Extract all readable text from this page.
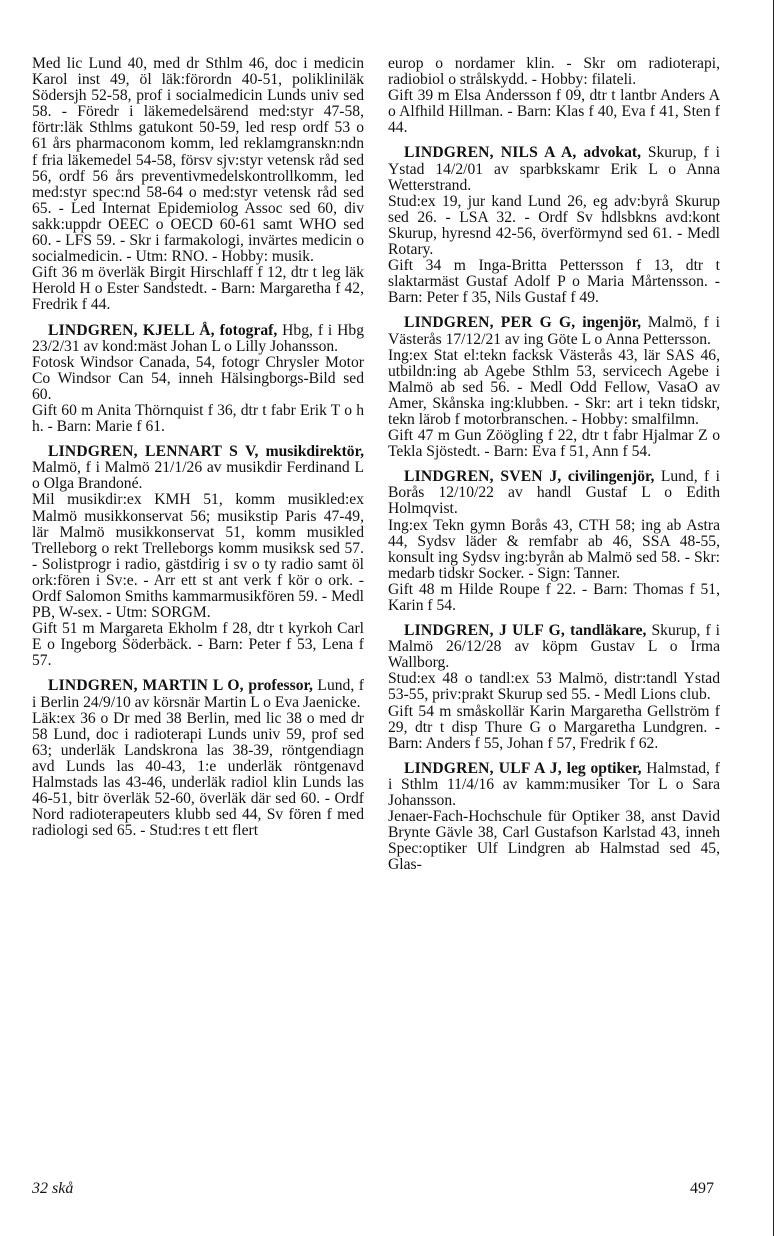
Med lic Lund 40, med dr Sthlm 46, doc i medicin Karol inst 49, öl läk:förordn 40-51, polikliniläk Södersjh 52-58, prof i socialmedicin Lunds univ sed 58. - Föredr i läkemedelsärend med:styr 47-58, förtr:läk Sthlms gatukont 50-59, led resp ordf 53 o 61 års pharmaconom komm, led reklamgranskn:ndn f fria läkemedel 54-58, försv sjv:styr vetensk råd sed 56, ordf 56 års preventivmedelskontrollkomm, led med:styr spec:nd 58-64 o med:styr vetensk råd sed 65. - Led Internat Epidemiolog Assoc sed 60, div sakk:uppdr OEEC o OECD 60-61 samt WHO sed 60. - LFS 59. - Skr i farmakologi, invärtes medicin o socialmedicin. - Utm: RNO. - Hobby: musik.

Gift 36 m överläk Birgit Hirschlaff f 12, dtr t leg läk Herold H o Ester Sandstedt. - Barn: Margaretha f 42, Fredrik f 44.

LINDGREN, KJELL Å, fotograf, Hbg, f i Hbg 23/2/31 av kond:mäst Johan L o Lilly Johansson.

Fotosk Windsor Canada, 54, fotogr Chrysler Motor Co Windsor Can 54, inneh Hälsingborgs-Bild sed 60.

Gift 60 m Anita Thörnquist f 36, dtr t fabr Erik T o h h. - Barn: Marie f 61.

LINDGREN, LENNART S V, musikdirektör, Malmö, f i Malmö 21/1/26 av musikdir Ferdinand L o Olga Brandoné.

Mil musikdir:ex KMH 51, komm musikled:ex Malmö musikkonservat 56; musikstip Paris 47-49, lär Malmö musikkonservat 51, komm musikled Trelleborg o rekt Trelleborgs komm musiksk sed 57. - Solistprogr i radio, gästdirig i sv o ty radio samt öl ork:fören i Sv:e. - Arr ett st ant verk f kör o ork. - Ordf Salomon Smiths kammarmusikfören 59. - Medl PB, W-sex. - Utm: SORGM.

Gift 51 m Margareta Ekholm f 28, dtr t kyrkoh Carl E o Ingeborg Söderbäck. - Barn: Peter f 53, Lena f 57.

LINDGREN, MARTIN L O, professor, Lund, f i Berlin 24/9/10 av körsnär Martin L o Eva Jaenicke.

Läk:ex 36 o Dr med 38 Berlin, med lic 38 o med dr 58 Lund, doc i radioterapi Lunds univ 59, prof sed 63; underläk Landskrona las 38-39, röntgendiagn avd Lunds las 40-43, 1:e underläk röntgenavd Halmstads las 43-46, underläk radiol klin Lunds las 46-51, bitr överläk 52-60, överläk där sed 60. - Ordf Nord radioterapeuters klubb sed 44, Sv fören f med radiologi sed 65. - Stud:res t ett flert

europ o nordamer klin. - Skr om radioterapi, radiobiol o strålskydd. - Hobby: filateli.

Gift 39 m Elsa Andersson f 09, dtr t lantbr Anders A o Alfhild Hillman. - Barn: Klas f 40, Eva f 41, Sten f 44.

LINDGREN, NILS A A, advokat, Skurup, f i Ystad 14/2/01 av sparbkskamr Erik L o Anna Wetterstrand.

Stud:ex 19, jur kand Lund 26, eg adv:byrå Skurup sed 26. - LSA 32. - Ordf Sv hdlsbkns avd:kont Skurup, hyresnd 42-56, överförmynd sed 61. - Medl Rotary.

Gift 34 m Inga-Britta Pettersson f 13, dtr t slaktarmäst Gustaf Adolf P o Maria Mårtensson. - Barn: Peter f 35, Nils Gustaf f 49.

LINDGREN, PER G G, ingenjör, Malmö, f i Västerås 17/12/21 av ing Göte L o Anna Pettersson.

Ing:ex Stat el:tekn facksk Västerås 43, lär SAS 46, utbildn:ing ab Agebe Sthlm 53, servicech Agebe i Malmö ab sed 56. - Medl Odd Fellow, VasaO av Amer, Skånska ing:klubben. - Skr: art i tekn tidskr, tekn lärob f motorbranschen. - Hobby: smalfilmn.

Gift 47 m Gun Zöögling f 22, dtr t fabr Hjalmar Z o Tekla Sjöstedt. - Barn: Eva f 51, Ann f 54.

LINDGREN, SVEN J, civilingenjör, Lund, f i Borås 12/10/22 av handl Gustaf L o Edith Holmqvist.

Ing:ex Tekn gymn Borås 43, CTH 58; ing ab Astra 44, Sydsv läder & remfabr ab 46, SSA 48-55, konsult ing Sydsv ing:byrån ab Malmö sed 58. - Skr: medarb tidskr Socker. - Sign: Tanner.

Gift 48 m Hilde Roupe f 22. - Barn: Thomas f 51, Karin f 54.

LINDGREN, J ULF G, tandläkare, Skurup, f i Malmö 26/12/28 av köpm Gustav L o Irma Wallborg.

Stud:ex 48 o tandl:ex 53 Malmö, distr:tandl Ystad 53-55, priv:prakt Skurup sed 55. - Medl Lions club.

Gift 54 m småskollär Karin Margaretha Gellström f 29, dtr t disp Thure G o Margaretha Lundgren. - Barn: Anders f 55, Johan f 57, Fredrik f 62.

LINDGREN, ULF A J, leg optiker, Halmstad, f i Sthlm 11/4/16 av kamm:musiker Tor L o Sara Johansson.

Jenaer-Fach-Hochschule für Optiker 38, anst David Brynte Gävle 38, Carl Gustafson Karlstad 43, inneh Spec:optiker Ulf Lindgren ab Halmstad sed 45, Glas-

32 skå	497
